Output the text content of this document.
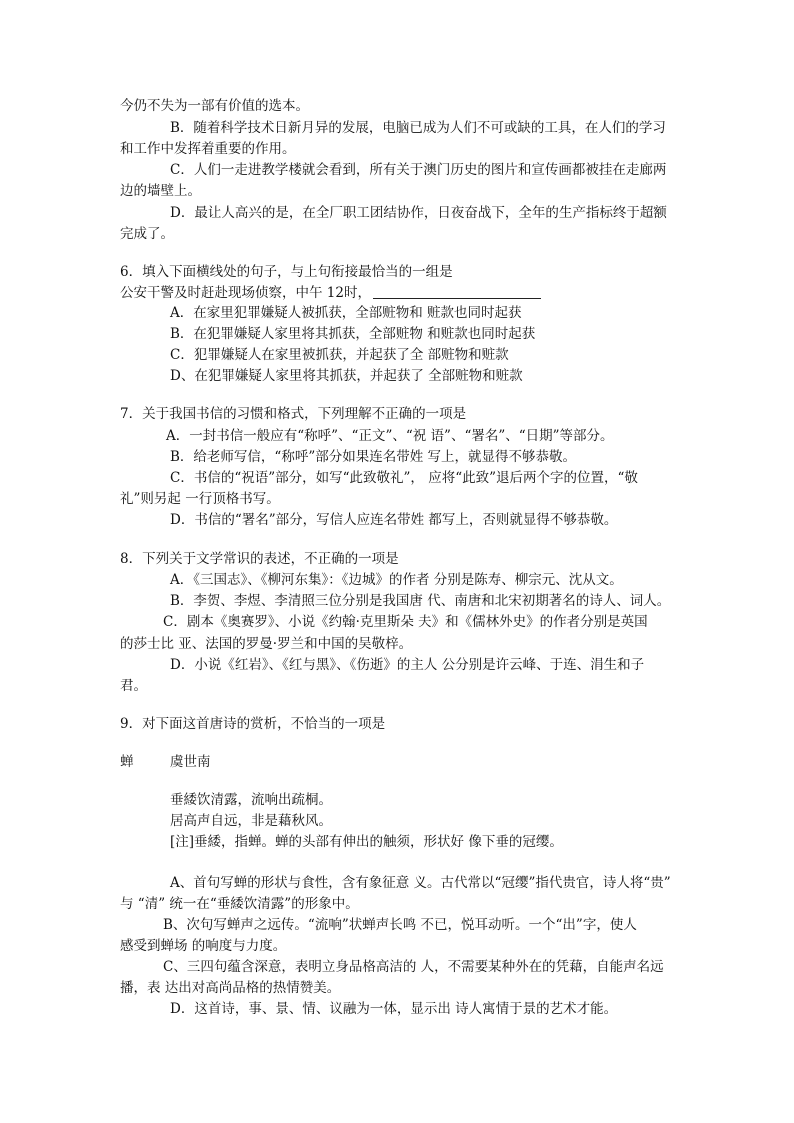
今仍不失为一部有价值的选本。
B．随着科学技术日新月异的发展，电脑已成为人们不可或缺的工具，在人们的学习
和工作中发挥着重要的作用。
C．人们一走进教学楼就会看到，所有关于澳门历史的图片和宣传画都被挂在走廊两
边的墙壁上。
D．最让人高兴的是，在全厂职工团结协作，日夜奋战下，全年的生产指标终于超额
完成了。
6．填入下面横线处的句子，与上句衔接最恰当的一组是
公安干警及时赶赴现场侦察，中午 12时，
A．在家里犯罪嫌疑人被抓获，全部赃物和 赃款也同时起获
B．在犯罪嫌疑人家里将其抓获，全部赃物 和赃款也同时起获
C．犯罪嫌疑人在家里被抓获，并起获了全 部赃物和赃款
D、在犯罪嫌疑人家里将其抓获，并起获了 全部赃物和赃款
7．关于我国书信的习惯和格式，下列理解不正确的一项是
A．一封书信一般应有“称呼”、“正文”、“祝 语”、“署名”、“日期”等部分。
B．给老师写信，“称呼”部分如果连名带姓 写上，就显得不够恭敬。
C．书信的“祝语”部分，如写“此致敬礼”， 应将“此致”退后两个字的位置，“敬
礼”则另起 一行顶格书写。
D．书信的“署名”部分，写信人应连名带姓 都写上，否则就显得不够恭敬。
8．下列关于文学常识的表述，不正确的一项是
A．《三国志》、《柳河东集》：《边城》的作者 分别是陈寿、柳宗元、沈从文。
B．李贺、李煜、李清照三位分别是我国唐 代、南唐和北宋初期著名的诗人、词人。
C．剧本《奥赛罗》、小说《约翰·克里斯朵 夫》和《儒林外史》的作者分别是英国
的莎士比 亚、法国的罗曼·罗兰和中国的吴敬梓。
D．小说《红岩》、《红与黑》、《伤逝》的主人 公分别是许云峰、于连、涓生和子
君。
9．对下面这首唐诗的赏析，不恰当的一项是
蝉	虞世南
垂緌饮清露，流响出疏桐。
居高声自远，非是藉秋风。
[注]垂緌，指蝉。蝉的头部有伸出的触须，形状好 像下垂的冠缨。
A、首句写蝉的形状与食性，含有象征意 义。古代常以“冠缨”指代贵官，诗人将“贵”
与 “清” 统一在“垂緌饮清露”的形象中。
B、次句写蝉声之远传。“流响”状蝉声长鸣 不已，悦耳动听。一个“出”字，使人
感受到蝉场 的响度与力度。
C、三四句蕴含深意，表明立身品格高洁的 人，不需要某种外在的凭藉，自能声名远
播，表 达出对高尚品格的热情赞美。
D．这首诗，事、景、情、议融为一体，显示出 诗人寓情于景的艺术才能。
